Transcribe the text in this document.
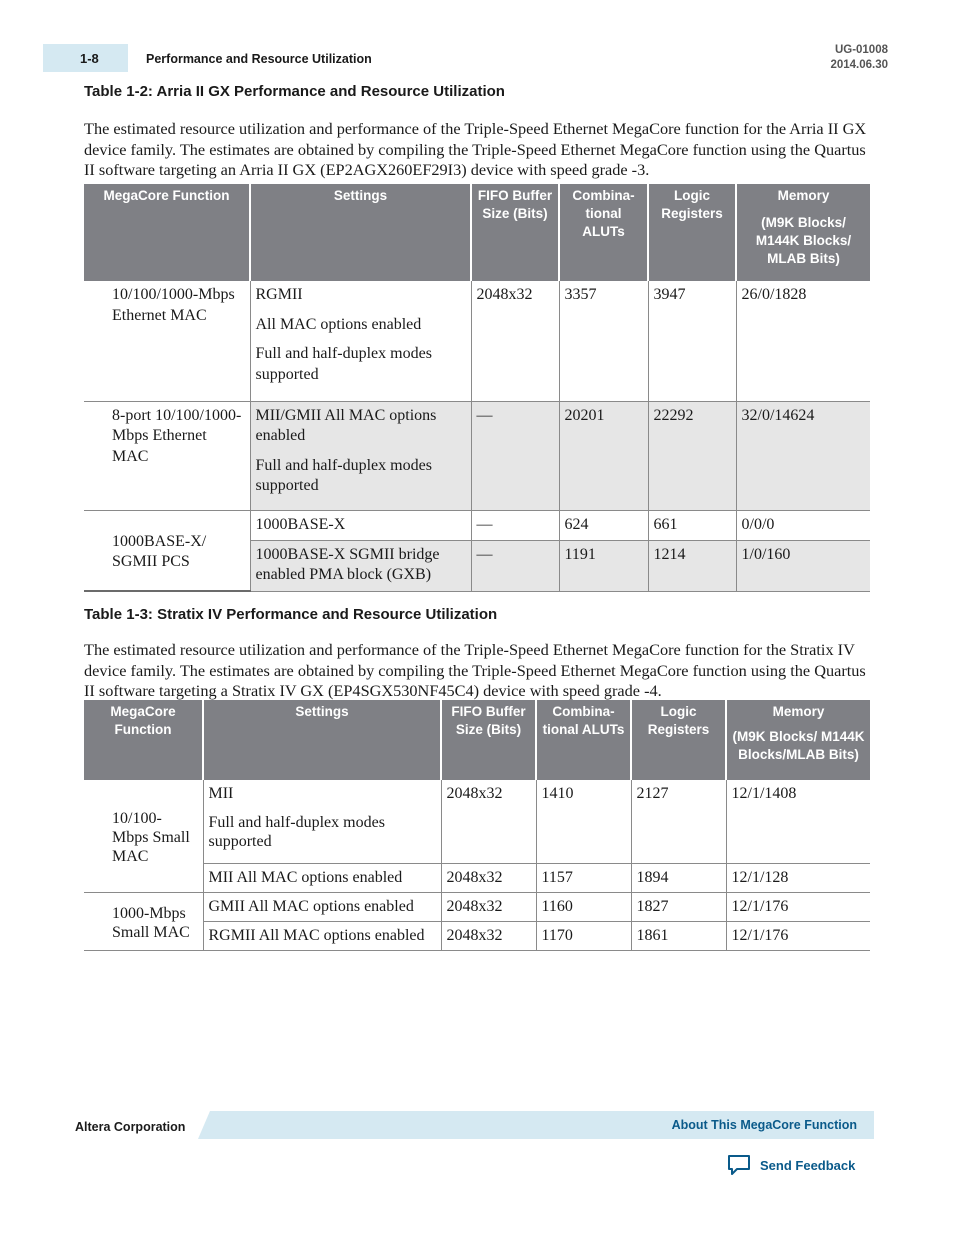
1-8	Performance and Resource Utilization
UG-01008
2014.06.30
Table 1-2: Arria II GX Performance and Resource Utilization

The estimated resource utilization and performance of the Triple-Speed Ethernet MegaCore function for the Arria II GX device family. The estimates are obtained by compiling the Triple-Speed Ethernet MegaCore function using the Quartus II software targeting an Arria II GX (EP2AGX260EF29I3) device with speed grade -3.

MegaCore Function	Settings	FIFO Buffer Size (Bits)	Combina-tional ALUTs	Logic Registers	Memory
(M9K Blocks/ M144K Blocks/ MLAB Bits)

10/100/1000-Mbps Ethernet MAC	RGMII
All MAC options enabled
Full and half-duplex modes supported	2048x32	3357	3947	26/0/1828
8-port 10/100/1000-Mbps Ethernet MAC	MII/GMII All MAC options enabled
Full and half-duplex modes supported	—	20201	22292	32/0/14624
1000BASE-X/ SGMII PCS	1000BASE-X	—	624	661	0/0/0
	1000BASE-X SGMII bridge enabled PMA block (GXB)	—	1191	1214	1/0/160
Table 1-3: Stratix IV Performance and Resource Utilization

The estimated resource utilization and performance of the Triple-Speed Ethernet MegaCore function for the Stratix IV device family. The estimates are obtained by compiling the Triple-Speed Ethernet MegaCore function using the Quartus II software targeting a Stratix IV GX (EP4SGX530NF45C4) device with speed grade -4.

MegaCore Function	Settings	FIFO Buffer Size (Bits)	Combina-tional ALUTs	Logic Registers	Memory
(M9K Blocks/ M144K Blocks/MLAB Bits)

10/100-Mbps Small MAC	MII
Full and half-duplex modes supported	2048x32	1410	2127	12/1/1408
	MII All MAC options enabled	2048x32	1157	1894	12/1/128
1000-Mbps Small MAC	GMII All MAC options enabled	2048x32	1160	1827	12/1/176
	RGMII All MAC options enabled	2048x32	1170	1861	12/1/176
Altera Corporation	About This MegaCore Function
Send Feedback
